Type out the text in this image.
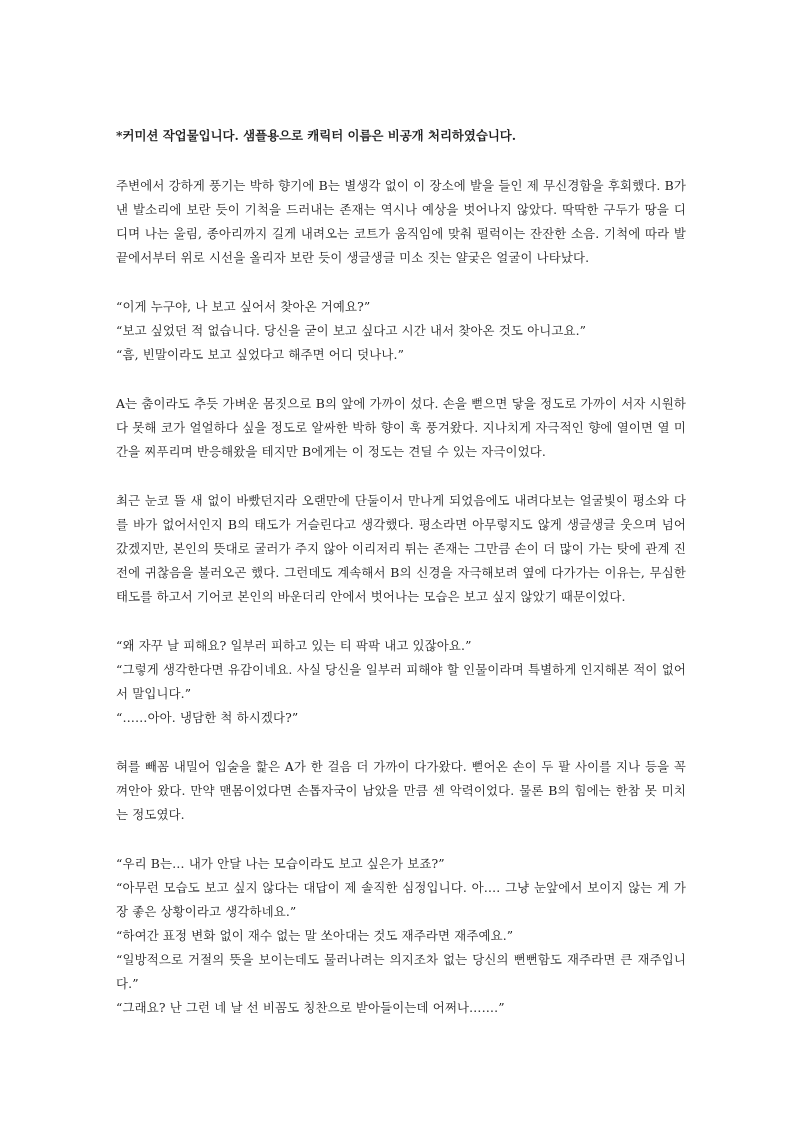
*커미션 작업물입니다. 샘플용으로 캐릭터 이름은 비공개 처리하였습니다.

주변에서 강하게 풍기는 박하 향기에 B는 별생각 없이 이 장소에 발을 들인 제 무신경함을 후회했다. B가 낸 발소리에 보란 듯이 기척을 드러내는 존재는 역시나 예상을 벗어나지 않았다. 딱딱한 구두가 땅을 디디며 나는 울림, 종아리까지 길게 내려오는 코트가 움직임에 맞춰 펄럭이는 잔잔한 소음. 기척에 따라 발끝에서부터 위로 시선을 올리자 보란 듯이 생글생글 미소 짓는 얄궂은 얼굴이 나타났다.

“이게 누구야, 나 보고 싶어서 찾아온 거예요?”
“보고 싶었던 적 없습니다. 당신을 굳이 보고 싶다고 시간 내서 찾아온 것도 아니고요.”
“흠, 빈말이라도 보고 싶었다고 해주면 어디 덧나나.”

A는 춤이라도 추듯 가벼운 몸짓으로 B의 앞에 가까이 섰다. 손을 뻗으면 닿을 정도로 가까이 서자 시원하다 못해 코가 얼얼하다 싶을 정도로 알싸한 박하 향이 훅 풍겨왔다. 지나치게 자극적인 향에 열이면 열 미간을 찌푸리며 반응해왔을 테지만 B에게는 이 정도는 견딜 수 있는 자극이었다.

최근 눈코 뜰 새 없이 바빴던지라 오랜만에 단둘이서 만나게 되었음에도 내려다보는 얼굴빛이 평소와 다를 바가 없어서인지 B의 태도가 거슬린다고 생각했다. 평소라면 아무렇지도 않게 생글생글 웃으며 넘어갔겠지만, 본인의 뜻대로 굴러가 주지 않아 이리저리 튀는 존재는 그만큼 손이 더 많이 가는 탓에 관계 진전에 귀찮음을 불러오곤 했다. 그런데도 계속해서 B의 신경을 자극해보려 옆에 다가가는 이유는, 무심한 태도를 하고서 기어코 본인의 바운더리 안에서 벗어나는 모습은 보고 싶지 않았기 때문이었다.

“왜 자꾸 날 피해요? 일부러 피하고 있는 티 팍팍 내고 있잖아요.”
“그렇게 생각한다면 유감이네요. 사실 당신을 일부러 피해야 할 인물이라며 특별하게 인지해본 적이 없어서 말입니다.”
“……아아. 냉담한 척 하시겠다?”

혀를 빼꼼 내밀어 입술을 핥은 A가 한 걸음 더 가까이 다가왔다. 뻗어온 손이 두 팔 사이를 지나 등을 꼭 껴안아 왔다. 만약 맨몸이었다면 손톱자국이 남았을 만큼 센 악력이었다. 물론 B의 힘에는 한참 못 미치는 정도였다.

“우리 B는… 내가 안달 나는 모습이라도 보고 싶은가 보죠?”
“아무런 모습도 보고 싶지 않다는 대답이 제 솔직한 심정입니다. 아…. 그냥 눈앞에서 보이지 않는 게 가장 좋은 상황이라고 생각하네요.”
“하여간 표정 변화 없이 재수 없는 말 쏘아대는 것도 재주라면 재주예요.”
“일방적으로 거절의 뜻을 보이는데도 물러나려는 의지조차 없는 당신의 뻔뻔함도 재주라면 큰 재주입니다.”
“그래요? 난 그런 네 날 선 비꼼도 칭찬으로 받아들이는데 어쩌나…….”
